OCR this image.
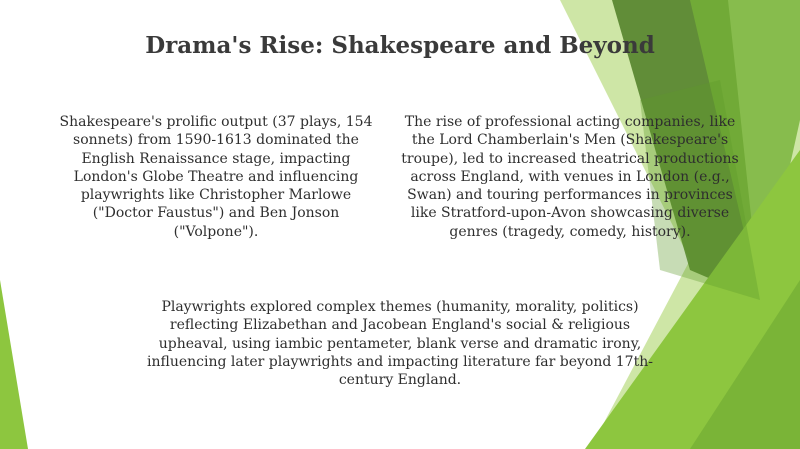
Drama's Rise: Shakespeare and Beyond
Shakespeare's prolific output (37 plays, 154 sonnets) from 1590-1613 dominated the English Renaissance stage, impacting London's Globe Theatre and influencing playwrights like Christopher Marlowe ("Doctor Faustus") and Ben Jonson ("Volpone").
The rise of professional acting companies, like the Lord Chamberlain's Men (Shakespeare's troupe), led to increased theatrical productions across England, with venues in London (e.g., Swan) and touring performances in provinces like Stratford-upon-Avon showcasing diverse genres (tragedy, comedy, history).
Playwrights explored complex themes (humanity, morality, politics) reflecting Elizabethan and Jacobean England's social & religious upheaval, using iambic pentameter, blank verse and dramatic irony, influencing later playwrights and impacting literature far beyond 17th-century England.
